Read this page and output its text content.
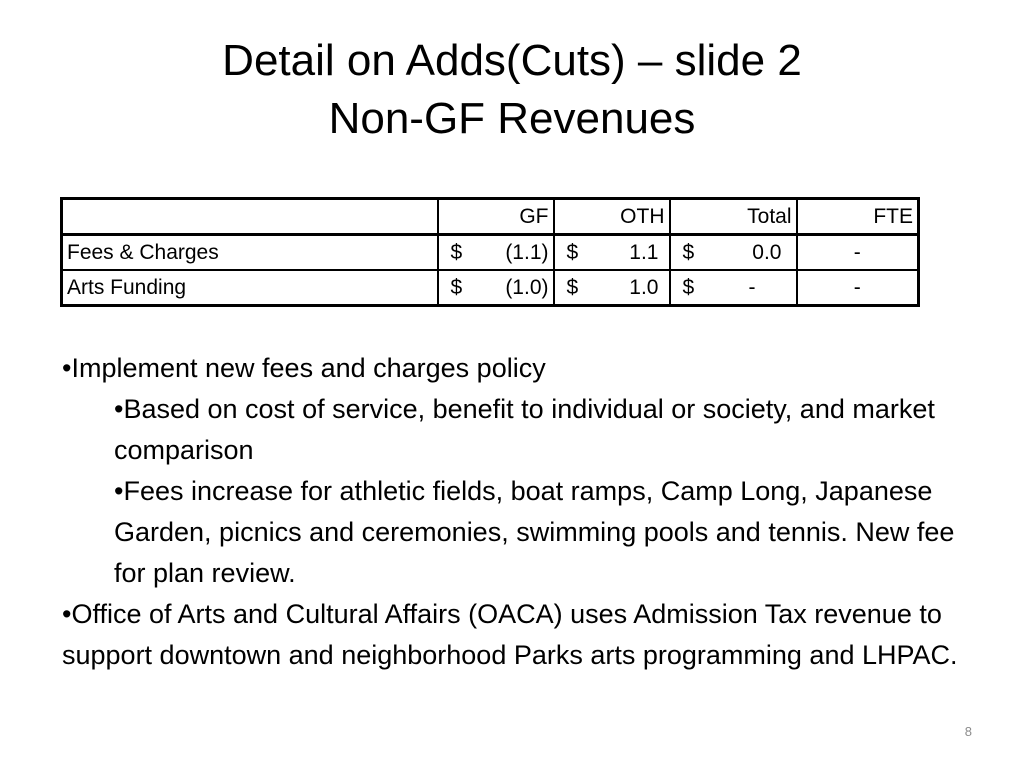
Detail on Adds(Cuts) – slide 2
Non-GF Revenues
	GF	OTH	Total	FTE
Fees & Charges	$ (1.1)	$ 1.1	$ 0.0	-
Arts Funding	$ (1.0)	$ 1.0	$ -	-

•Implement new fees and charges policy

•Based on cost of service, benefit to individual or society, and market comparison

•Fees increase for athletic fields, boat ramps, Camp Long, Japanese Garden, picnics and ceremonies, swimming pools and tennis. New fee for plan review.

•Office of Arts and Cultural Affairs (OACA) uses Admission Tax revenue to support downtown and neighborhood Parks arts programming and LHPAC.

8
